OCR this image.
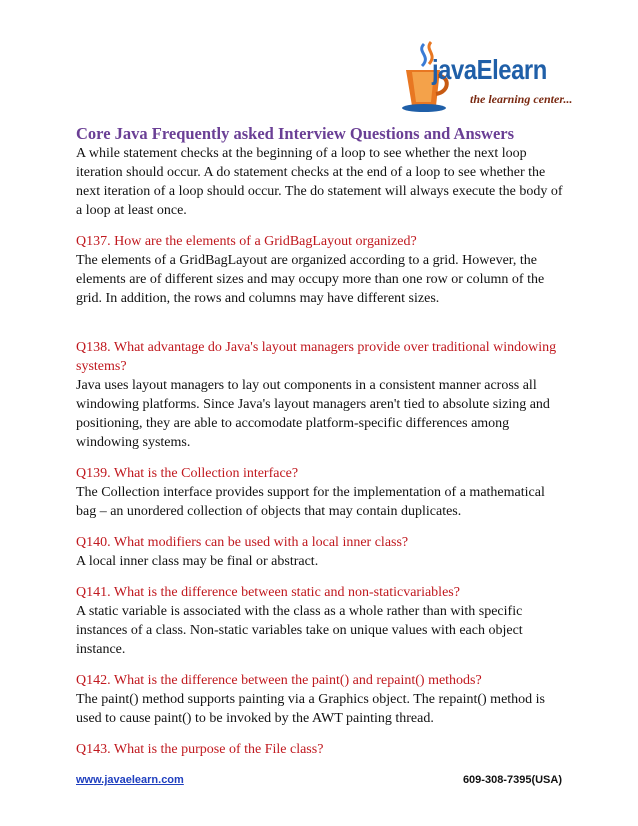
javaElearn
the learning center...
Core Java Frequently asked Interview Questions and Answers

A while statement checks at the beginning of a loop to see whether the next loop iteration should occur. A do statement checks at the end of a loop to see whether the next iteration of a loop should occur. The do statement will always execute the body of a loop at least once.

Q137. How are the elements of a GridBagLayout organized?

The elements of a GridBagLayout are organized according to a grid. However, the elements are of different sizes and may occupy more than one row or column of the grid. In addition, the rows and columns may have different sizes.

Q138. What advantage do Java's layout managers provide over traditional windowing systems?

Java uses layout managers to lay out components in a consistent manner across all windowing platforms. Since Java's layout managers aren't tied to absolute sizing and positioning, they are able to accomodate platform-specific differences among windowing systems.

Q139. What is the Collection interface?

The Collection interface provides support for the implementation of a mathematical bag – an unordered collection of objects that may contain duplicates.

Q140. What modifiers can be used with a local inner class?

A local inner class may be final or abstract.

Q141. What is the difference between static and non-staticvariables?

A static variable is associated with the class as a whole rather than with specific instances of a class. Non-static variables take on unique values with each object instance.

Q142. What is the difference between the paint() and repaint() methods?

The paint() method supports painting via a Graphics object. The repaint() method is used to cause paint() to be invoked by the AWT painting thread.

Q143. What is the purpose of the File class?

www.javaelearn.com	609-308-7395(USA)
